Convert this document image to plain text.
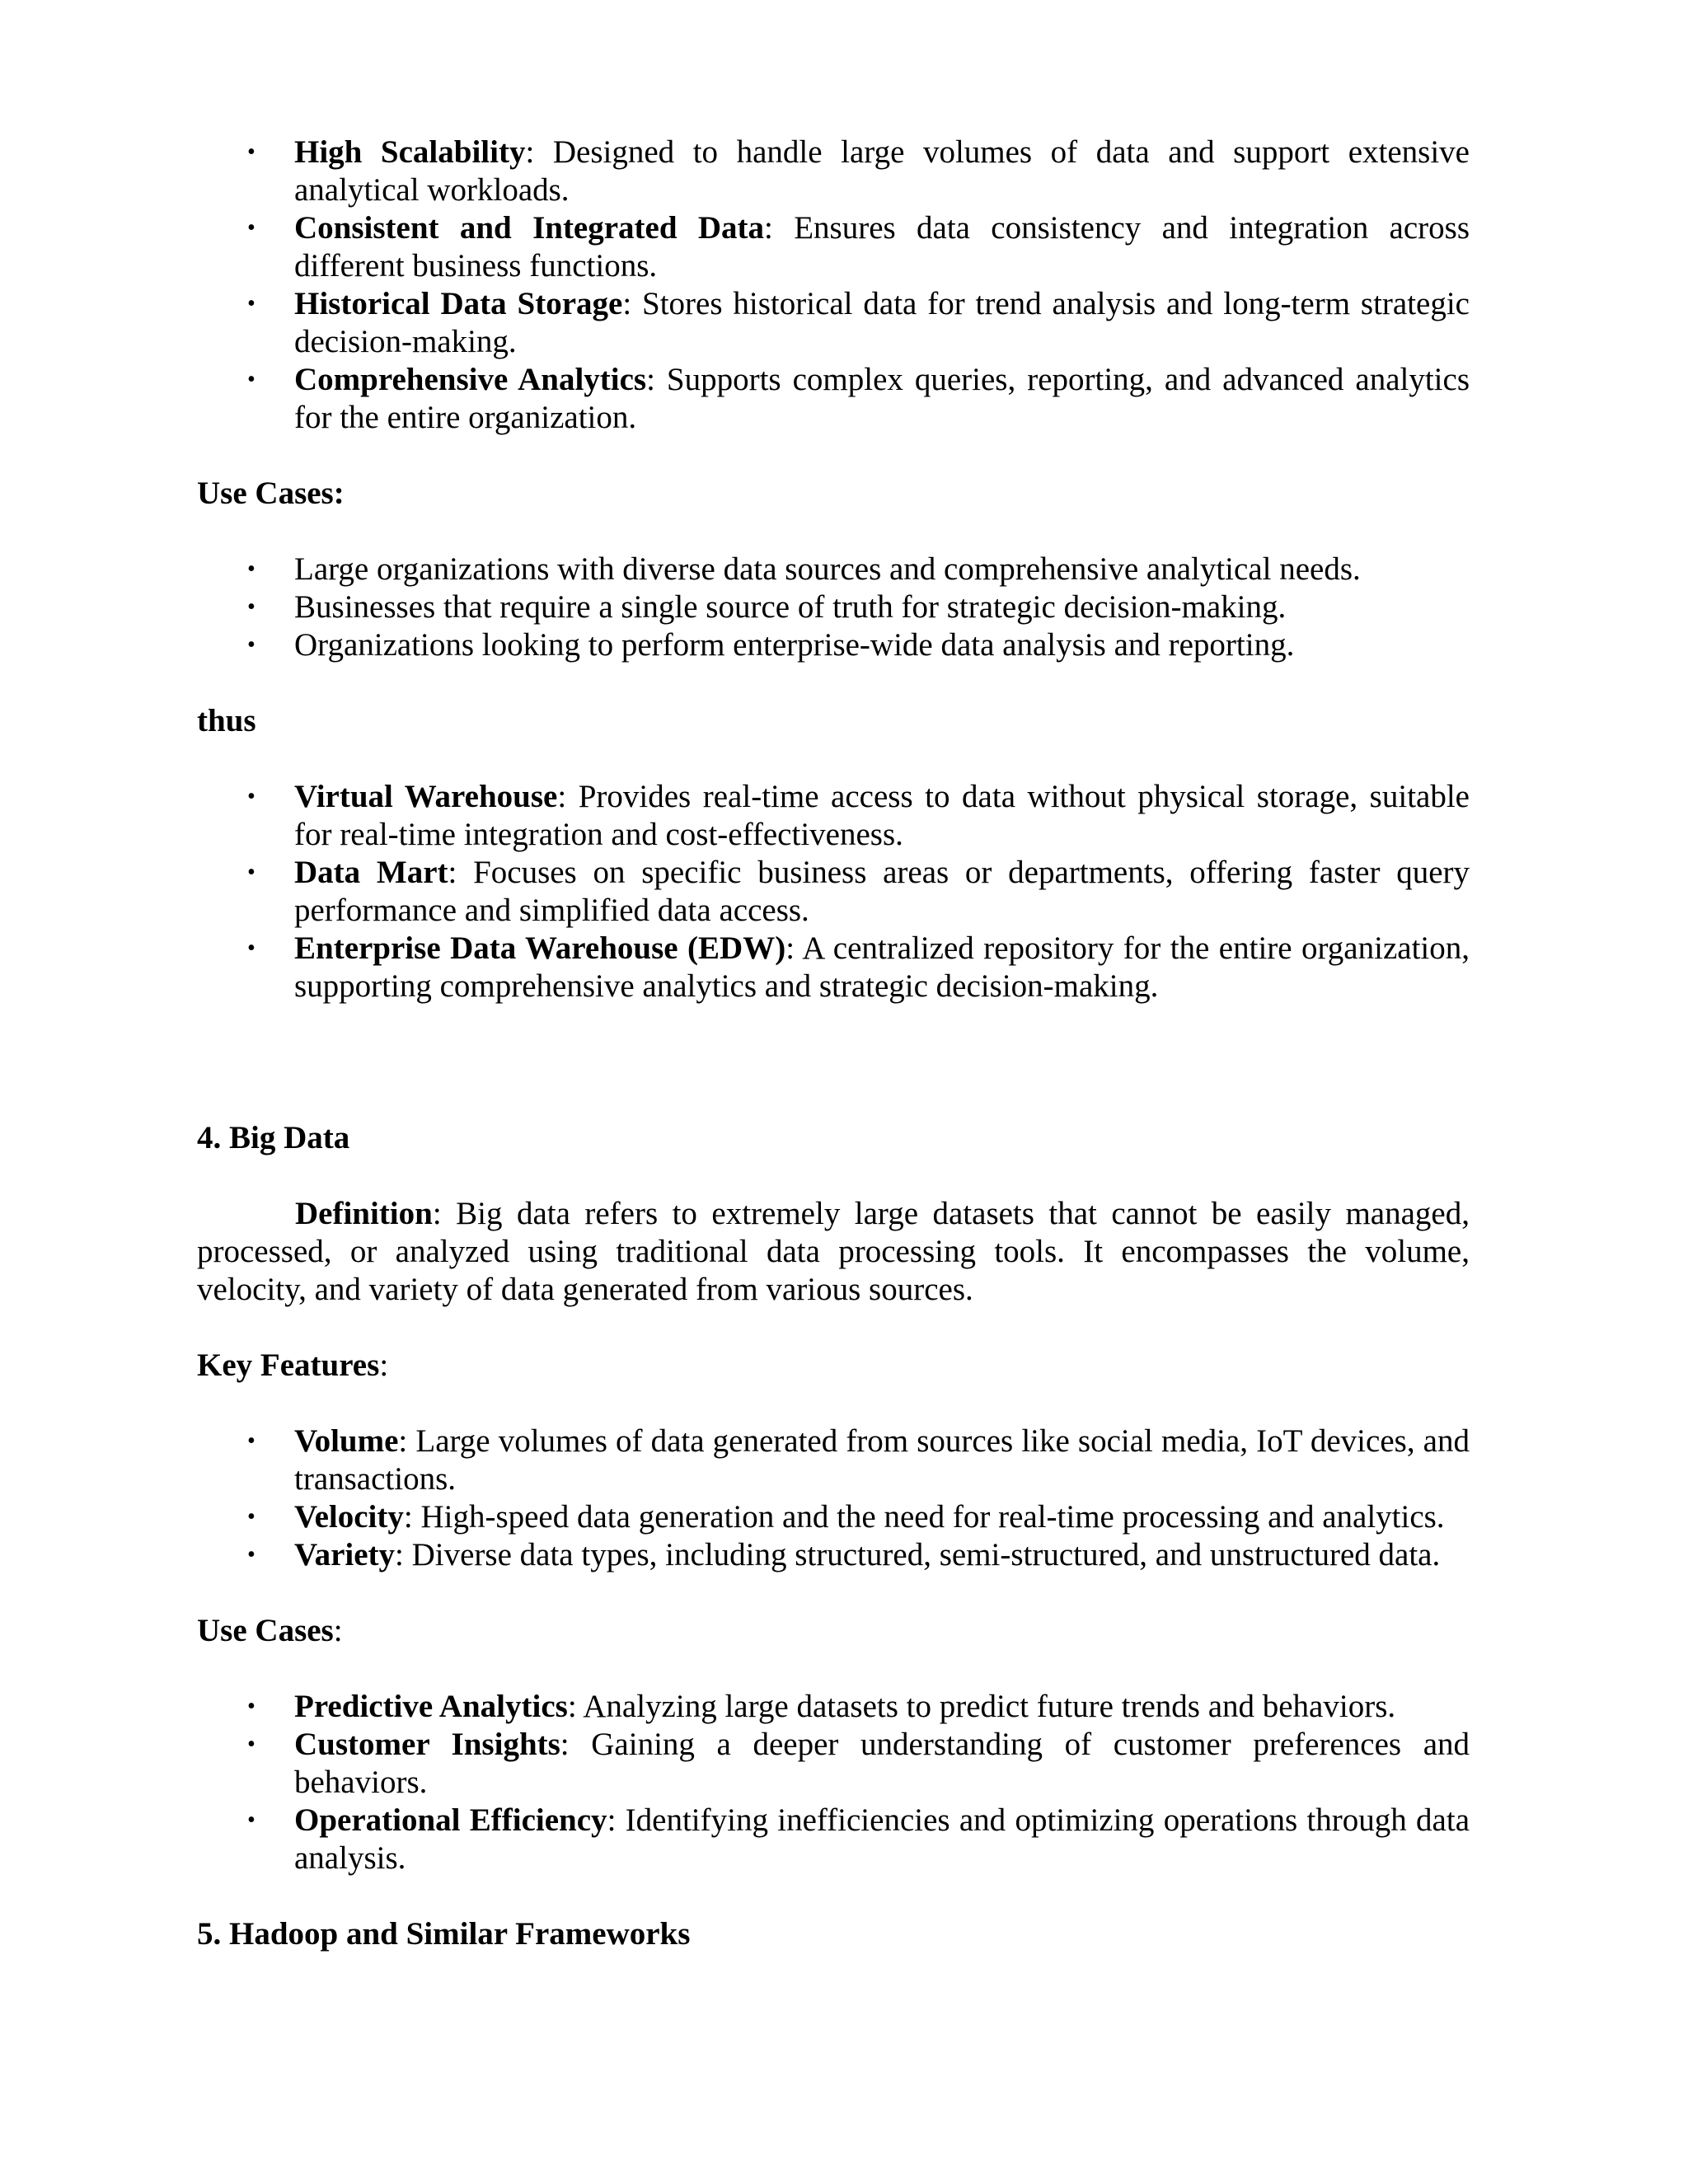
• High Scalability: Designed to handle large volumes of data and support extensive analytical workloads.
• Consistent and Integrated Data: Ensures data consistency and integration across different business functions.
• Historical Data Storage: Stores historical data for trend analysis and long-term strategic decision-making.
• Comprehensive Analytics: Supports complex queries, reporting, and advanced analytics for the entire organization.

Use Cases:

• Large organizations with diverse data sources and comprehensive analytical needs.
• Businesses that require a single source of truth for strategic decision-making.
• Organizations looking to perform enterprise-wide data analysis and reporting.

thus

• Virtual Warehouse: Provides real-time access to data without physical storage, suitable for real-time integration and cost-effectiveness.
• Data Mart: Focuses on specific business areas or departments, offering faster query performance and simplified data access.
• Enterprise Data Warehouse (EDW): A centralized repository for the entire organization, supporting comprehensive analytics and strategic decision-making.

4. Big Data

Definition: Big data refers to extremely large datasets that cannot be easily managed, processed, or analyzed using traditional data processing tools. It encompasses the volume, velocity, and variety of data generated from various sources.

Key Features:

• Volume: Large volumes of data generated from sources like social media, IoT devices, and transactions.
• Velocity: High-speed data generation and the need for real-time processing and analytics.
• Variety: Diverse data types, including structured, semi-structured, and unstructured data.

Use Cases:

• Predictive Analytics: Analyzing large datasets to predict future trends and behaviors.
• Customer Insights: Gaining a deeper understanding of customer preferences and behaviors.
• Operational Efficiency: Identifying inefficiencies and optimizing operations through data analysis.

5. Hadoop and Similar Frameworks
